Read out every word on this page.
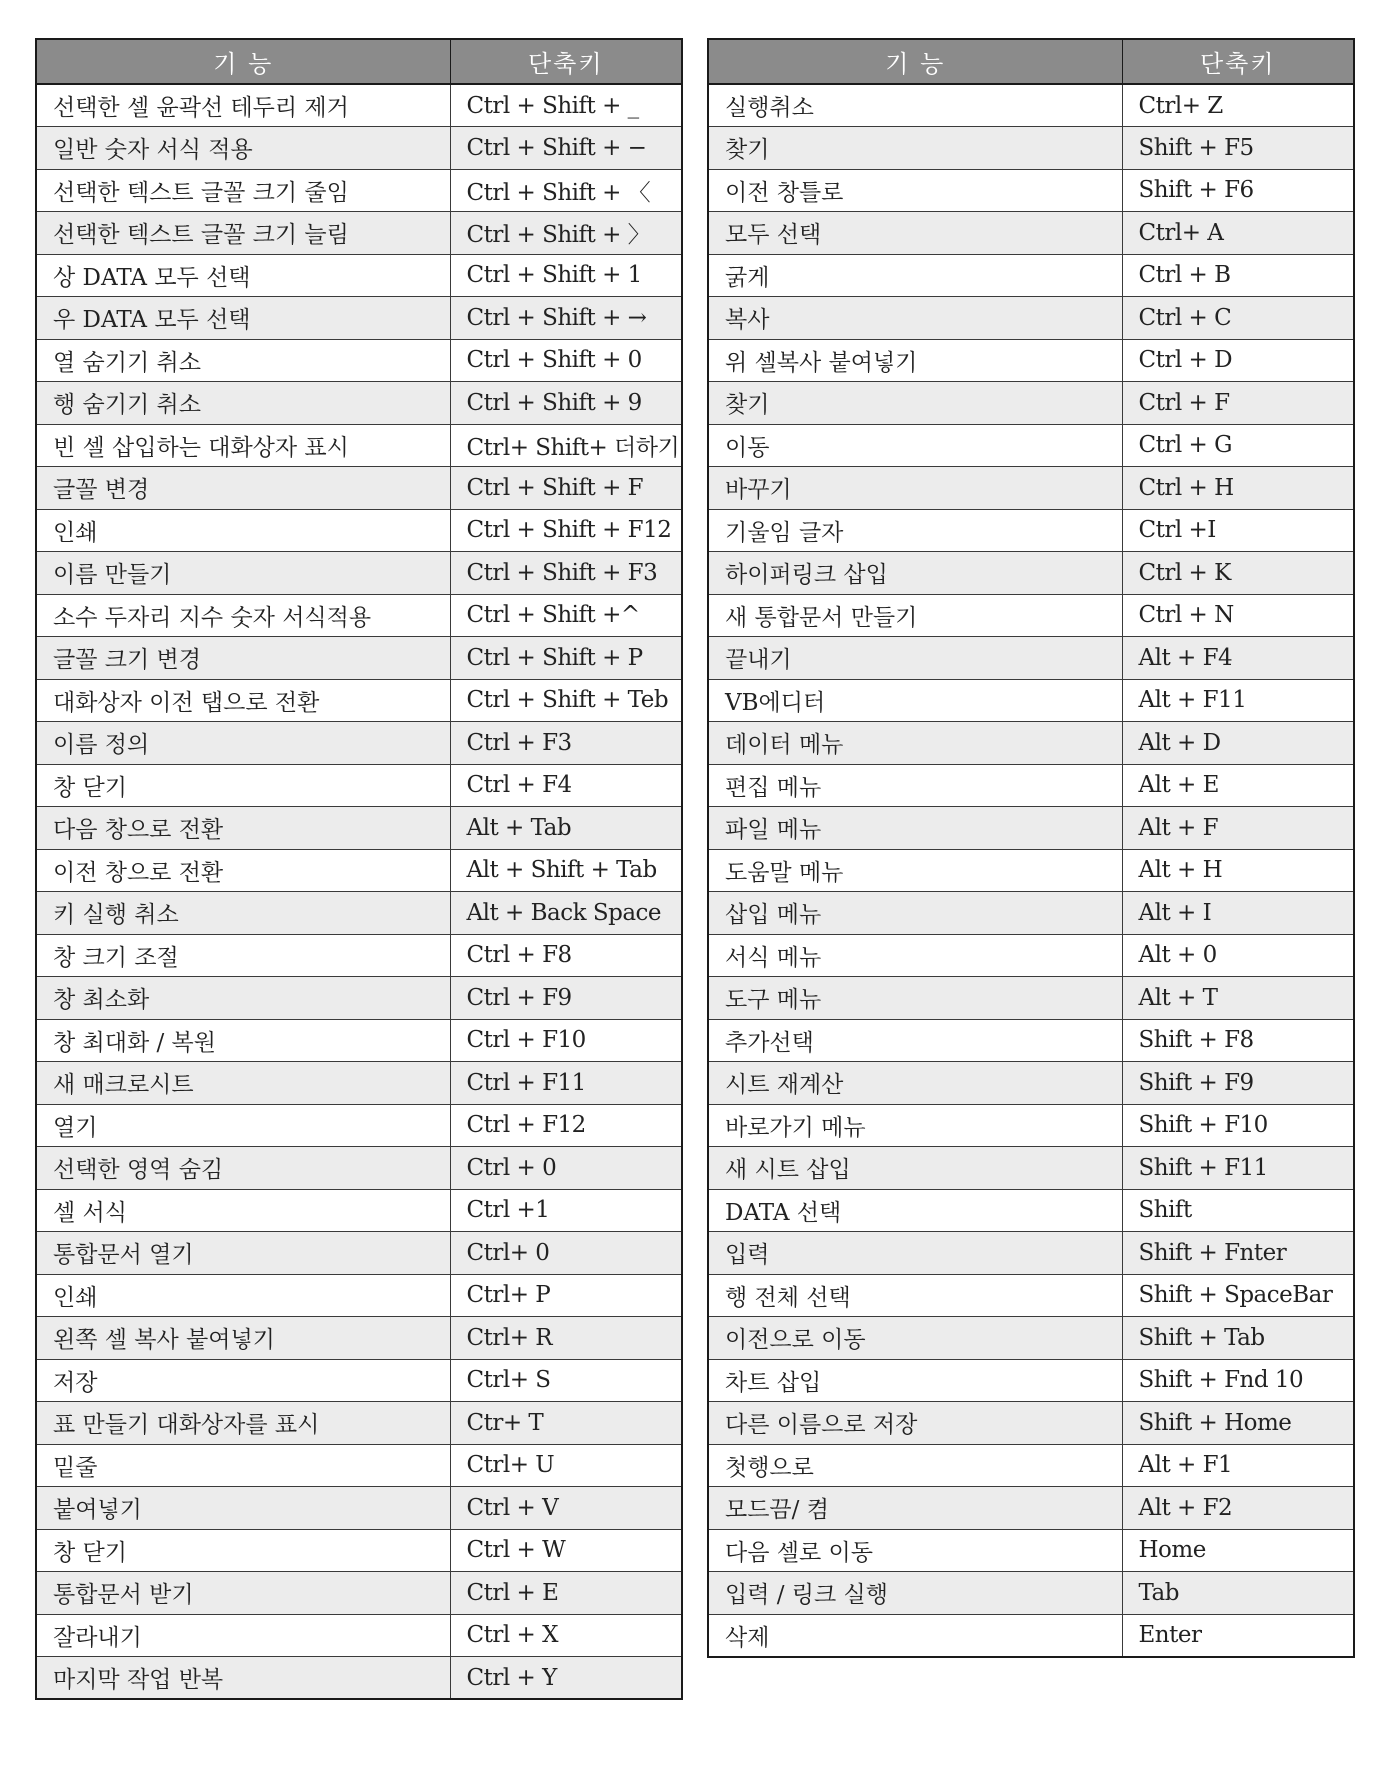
기 능	단축키
선택한 셀 윤곽선 테두리 제거	Ctrl + Shift + _
일반 숫자 서식 적용	Ctrl + Shift + −
선택한 텍스트 글꼴 크기 줄임	Ctrl + Shift + 〈
선택한 텍스트 글꼴 크기 늘림	Ctrl + Shift + 〉
상 DATA 모두 선택	Ctrl + Shift + 1
우 DATA 모두 선택	Ctrl + Shift + →
열 숨기기 취소	Ctrl + Shift + 0
행 숨기기 취소	Ctrl + Shift + 9
빈 셀 삽입하는 대화상자 표시	Ctrl+ Shift+ 더하기
글꼴 변경	Ctrl + Shift + F
인쇄	Ctrl + Shift + F12
이름 만들기	Ctrl + Shift + F3
소수 두자리 지수 숫자 서식적용	Ctrl + Shift +^
글꼴 크기 변경	Ctrl + Shift + P
대화상자 이전 탭으로 전환	Ctrl + Shift + Teb
이름 정의	Ctrl + F3
창 닫기	Ctrl + F4
다음 창으로 전환	Alt + Tab
이전 창으로 전환	Alt + Shift + Tab
키 실행 취소	Alt + Back Space
창 크기 조절	Ctrl + F8
창 최소화	Ctrl + F9
창 최대화 / 복원	Ctrl + F10
새 매크로시트	Ctrl + F11
열기	Ctrl + F12
선택한 영역 숨김	Ctrl + 0
셀 서식	Ctrl +1
통합문서 열기	Ctrl+ 0
인쇄	Ctrl+ P
왼쪽 셀 복사 붙여넣기	Ctrl+ R
저장	Ctrl+ S
표 만들기 대화상자를 표시	Ctr+ T
밑줄	Ctrl+ U
붙여넣기	Ctrl + V
창 닫기	Ctrl + W
통합문서 받기	Ctrl + E
잘라내기	Ctrl + X
마지막 작업 반복	Ctrl + Y
기 능	단축키
실행취소	Ctrl+ Z
찾기	Shift + F5
이전 창틀로	Shift + F6
모두 선택	Ctrl+ A
굵게	Ctrl + B
복사	Ctrl + C
위 셀복사 붙여넣기	Ctrl + D
찾기	Ctrl + F
이동	Ctrl + G
바꾸기	Ctrl + H
기울임 글자	Ctrl +I
하이퍼링크 삽입	Ctrl + K
새 통합문서 만들기	Ctrl + N
끝내기	Alt + F4
VB에디터	Alt + F11
데이터 메뉴	Alt + D
편집 메뉴	Alt + E
파일 메뉴	Alt + F
도움말 메뉴	Alt + H
삽입 메뉴	Alt + I
서식 메뉴	Alt + 0
도구 메뉴	Alt + T
추가선택	Shift + F8
시트 재계산	Shift + F9
바로가기 메뉴	Shift + F10
새 시트 삽입	Shift + F11
DATA 선택	Shift
입력	Shift + Fnter
행 전체 선택	Shift + SpaceBar
이전으로 이동	Shift + Tab
차트 삽입	Shift + Fnd 10
다른 이름으로 저장	Shift + Home
첫행으로	Alt + F1
모드끔/ 켬	Alt + F2
다음 셀로 이동	Home
입력 / 링크 실행	Tab
삭제	Enter
